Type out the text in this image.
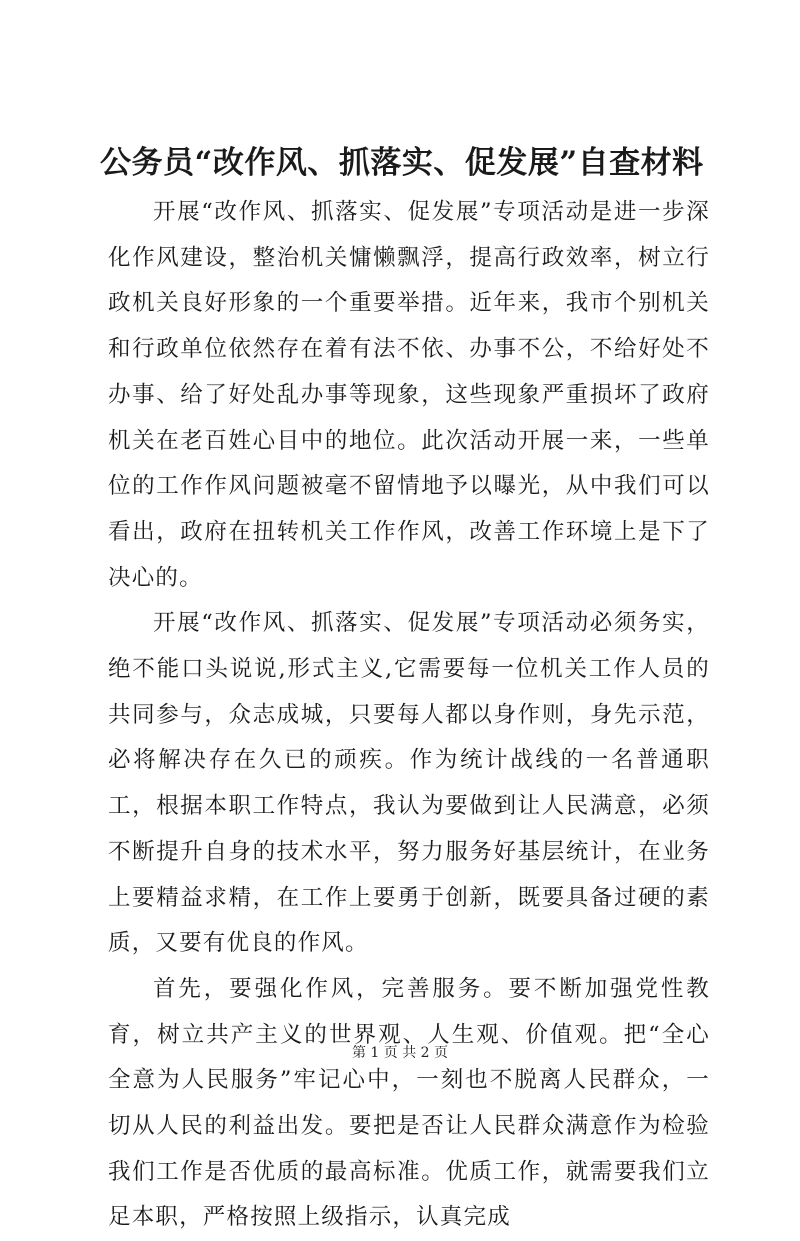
公务员“改作风、抓落实、促发展”自查材料

开展“改作风、抓落实、促发展”专项活动是进一步深化作风建设，整治机关慵懒飘浮，提高行政效率，树立行政机关良好形象的一个重要举措。近年来，我市个别机关和行政单位依然存在着有法不依、办事不公，不给好处不办事、给了好处乱办事等现象，这些现象严重损坏了政府机关在老百姓心目中的地位。此次活动开展一来，一些单位的工作作风问题被毫不留情地予以曝光，从中我们可以看出，政府在扭转机关工作作风，改善工作环境上是下了决心的。

开展“改作风、抓落实、促发展”专项活动必须务实，绝不能口头说说,形式主义,它需要每一位机关工作人员的共同参与，众志成城，只要每人都以身作则，身先示范，必将解决存在久已的顽疾。作为统计战线的一名普通职工，根据本职工作特点，我认为要做到让人民满意，必须不断提升自身的技术水平，努力服务好基层统计，在业务上要精益求精，在工作上要勇于创新，既要具备过硬的素质，又要有优良的作风。

首先，要强化作风，完善服务。要不断加强党性教育，树立共产主义的世界观、人生观、价值观。把“全心全意为人民服务”牢记心中，一刻也不脱离人民群众，一切从人民的利益出发。要把是否让人民群众满意作为检验我们工作是否优质的最高标准。优质工作，就需要我们立足本职，严格按照上级指示，认真完成

第 1 页 共 2 页
